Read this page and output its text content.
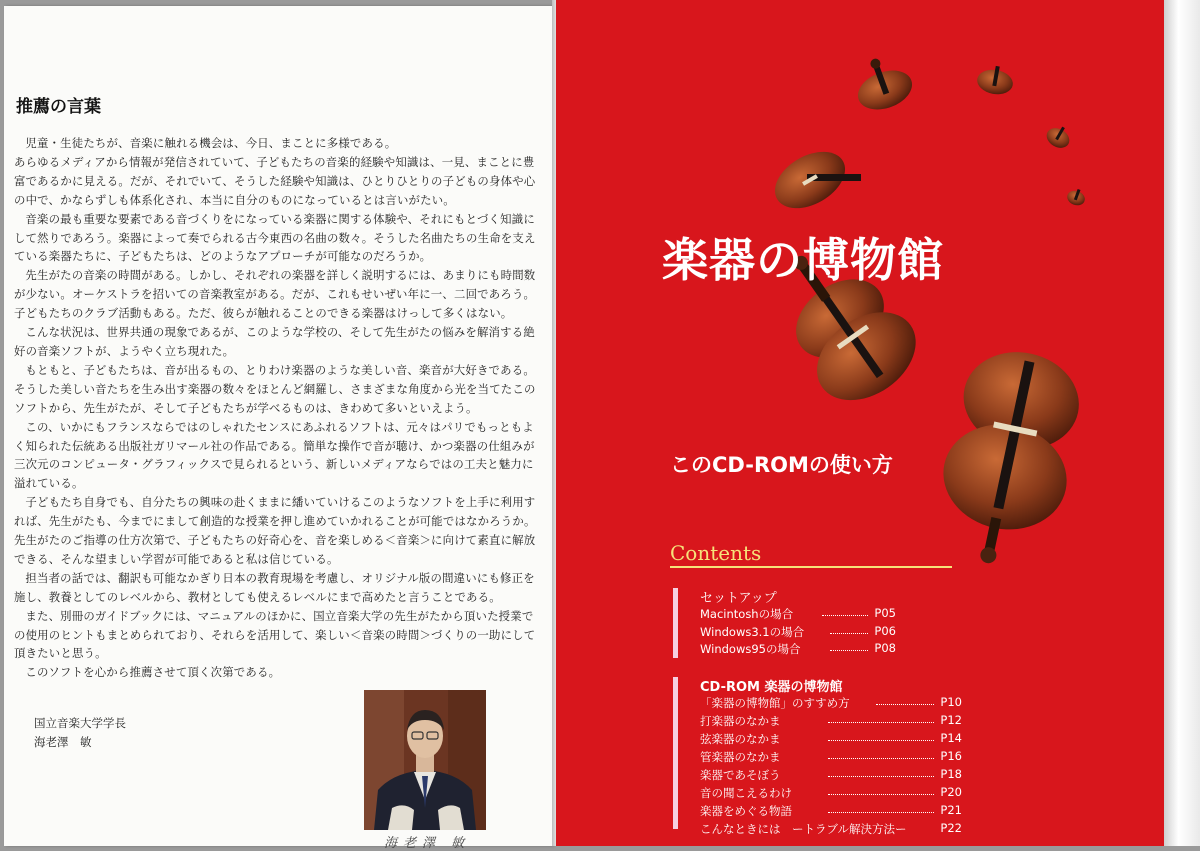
推薦の言葉

児童・生徒たちが、音楽に触れる機会は、今日、まことに多様である。

あらゆるメディアから情報が発信されていて、子どもたちの音楽的経験や知識は、一見、まことに豊富であるかに見える。だが、それでいて、そうした経験や知識は、ひとりひとりの子どもの身体や心の中で、かならずしも体系化され、本当に自分のものになっているとは言いがたい。

音楽の最も重要な要素である音づくりをになっている楽器に関する体験や、それにもとづく知識にして然りであろう。楽器によって奏でられる古今東西の名曲の数々。そうした名曲たちの生命を支えている楽器たちに、子どもたちは、どのようなアプローチが可能なのだろうか。

先生がたの音楽の時間がある。しかし、それぞれの楽器を詳しく説明するには、あまりにも時間数が少ない。オーケストラを招いての音楽教室がある。だが、これもせいぜい年に一、二回であろう。子どもたちのクラブ活動もある。ただ、彼らが触れることのできる楽器はけっして多くはない。

こんな状況は、世界共通の現象であるが、このような学校の、そして先生がたの悩みを解消する絶好の音楽ソフトが、ようやく立ち現れた。

もともと、子どもたちは、音が出るもの、とりわけ楽器のような美しい音、楽音が大好きである。そうした美しい音たちを生み出す楽器の数々をほとんど網羅し、さまざまな角度から光を当てたこのソフトから、先生がたが、そして子どもたちが学べるものは、きわめて多いといえよう。

この、いかにもフランスならではのしゃれたセンスにあふれるソフトは、元々はパリでもっともよく知られた伝統ある出版社ガリマール社の作品である。簡単な操作で音が聴け、かつ楽器の仕組みが三次元のコンピュータ・グラフィックスで見られるという、新しいメディアならではの工夫と魅力に溢れている。

子どもたち自身でも、自分たちの興味の赴くままに繙いていけるこのようなソフトを上手に利用すれば、先生がたも、今までにまして創造的な授業を押し進めていかれることが可能ではなかろうか。先生がたのご指導の仕方次第で、子どもたちの好奇心を、音を楽しめる＜音楽＞に向けて素直に解放できる、そんな望ましい学習が可能であると私は信じている。

担当者の話では、翻訳も可能なかぎり日本の教育現場を考慮し、オリジナル版の間違いにも修正を施し、教養としてのレベルから、教材としても使えるレベルにまで高めたと言うことである。

また、別冊のガイドブックには、マニュアルのほかに、国立音楽大学の先生がたから頂いた授業での使用のヒントもまとめられており、それらを活用して、楽しい＜音楽の時間＞づくりの一助にして頂きたいと思う。

このソフトを心から推薦させて頂く次第である。

国立音楽大学学長
海老澤　敏
海老澤 敏
楽器の博物館
このCD-ROMの使い方
Contents
セットアップ
Macintoshの場合	P05
Windows3.1の場合	P06
Windows95の場合	P08
CD-ROM 楽器の博物館
「楽器の博物館」のすすめ方	P10
打楽器のなかま	P12
弦楽器のなかま	P14
管楽器のなかま	P16
楽器であそぼう	P18
音の聞こえるわけ	P20
楽器をめぐる物語	P21
こんなときには　ートラブル解決方法ー	P22
